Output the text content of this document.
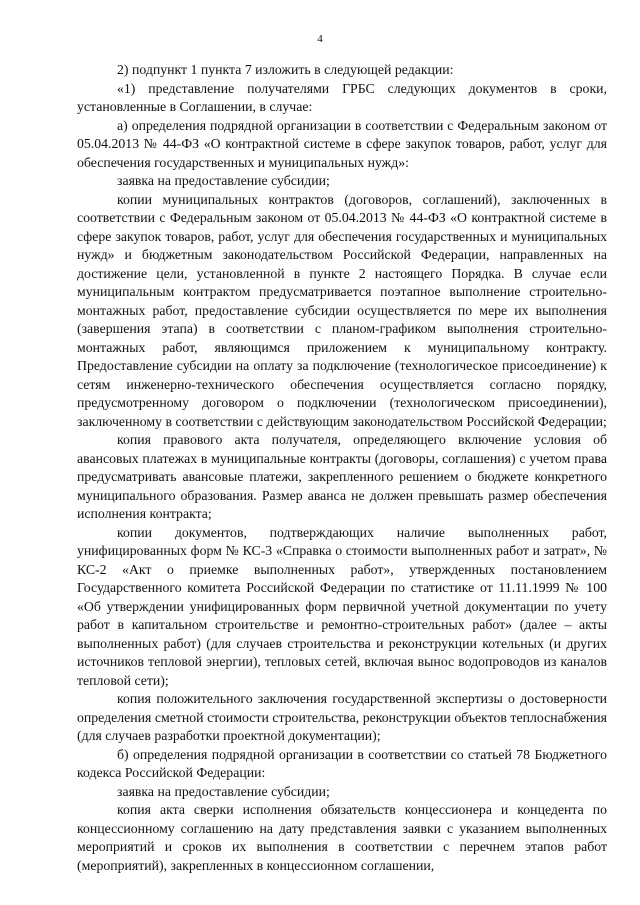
4

2) подпункт 1 пункта 7 изложить в следующей редакции:

«1) представление получателями ГРБС следующих документов в сроки, установленные в Соглашении, в случае:

а) определения подрядной организации в соответствии с Федеральным законом от 05.04.2013 № 44-ФЗ «О контрактной системе в сфере закупок товаров, работ, услуг для обеспечения государственных и муниципальных нужд»:

заявка на предоставление субсидии;

копии муниципальных контрактов (договоров, соглашений), заключенных в соответствии с Федеральным законом от 05.04.2013 № 44-ФЗ «О контрактной системе в сфере закупок товаров, работ, услуг для обеспечения государственных и муниципальных нужд» и бюджетным законодательством Российской Федерации, направленных на достижение цели, установленной в пункте 2 настоящего Порядка. В случае если муниципальным контрактом предусматривается поэтапное выполнение строительно-монтажных работ, предоставление субсидии осуществляется по мере их выполнения (завершения этапа) в соответствии с планом-графиком выполнения строительно-монтажных работ, являющимся приложением к муниципальному контракту. Предоставление субсидии на оплату за подключение (технологическое присоединение) к сетям инженерно-технического обеспечения осуществляется согласно порядку, предусмотренному договором о подключении (технологическом присоединении), заключенному в соответствии с действующим законодательством Российской Федерации;

копия правового акта получателя, определяющего включение условия об авансовых платежах в муниципальные контракты (договоры, соглашения) с учетом права предусматривать авансовые платежи, закрепленного решением о бюджете конкретного муниципального образования. Размер аванса не должен превышать размер обеспечения исполнения контракта;

копии документов, подтверждающих наличие выполненных работ, унифицированных форм № КС-3 «Справка о стоимости выполненных работ и затрат», № КС-2 «Акт о приемке выполненных работ», утвержденных постановлением Государственного комитета Российской Федерации по статистике от 11.11.1999 № 100 «Об утверждении унифицированных форм первичной учетной документации по учету работ в капитальном строительстве и ремонтно-строительных работ» (далее – акты выполненных работ) (для случаев строительства и реконструкции котельных (и других источников тепловой энергии), тепловых сетей, включая вынос водопроводов из каналов тепловой сети);

копия положительного заключения государственной экспертизы о достоверности определения сметной стоимости строительства, реконструкции объектов теплоснабжения (для случаев разработки проектной документации);

б) определения подрядной организации в соответствии со статьей 78 Бюджетного кодекса Российской Федерации:

заявка на предоставление субсидии;

копия акта сверки исполнения обязательств концессионера и концедента по концессионному соглашению на дату представления заявки с указанием выполненных мероприятий и сроков их выполнения в соответствии с перечнем этапов работ (мероприятий), закрепленных в концессионном соглашении,
